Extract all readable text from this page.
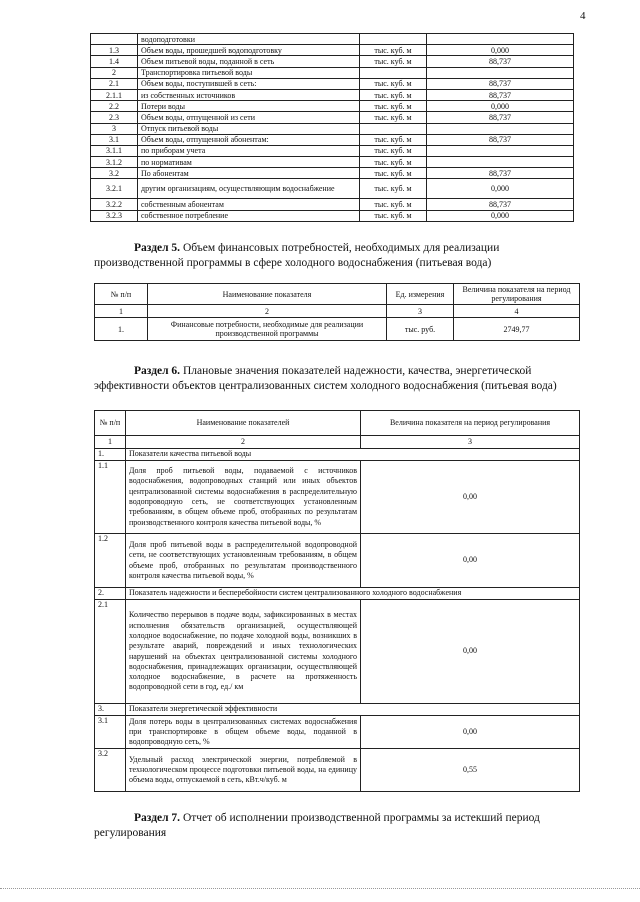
4
	водоподготовки		
1.3	Объем воды, прошедшей водоподготовку	тыс. куб. м	0,000
1.4	Объем питьевой воды, поданной в сеть	тыс. куб. м	88,737
2	Транспортировка питьевой воды		
2.1	Объем воды, поступившей в сеть:	тыс. куб. м	88,737
2.1.1	из собственных источников	тыс. куб. м	88,737
2.2	Потери воды	тыс. куб. м	0,000
2.3	Объем воды, отпущенной из сети	тыс. куб. м	88,737
3	Отпуск питьевой воды		
3.1	Объем воды, отпущенной абонентам:	тыс. куб. м	88,737
3.1.1	по приборам учета	тыс. куб. м	
3.1.2	по нормативам	тыс. куб. м	
3.2	По абонентам	тыс. куб. м	88,737
3.2.1	другим организациям, осуществляющим водоснабжение	тыс. куб. м	0,000
3.2.2	собственным абонентам	тыс. куб. м	88,737
3.2.3	собственное потребление	тыс. куб. м	0,000
Раздел 5. Объем финансовых потребностей, необходимых для реализации производственной программы в сфере холодного водоснабжения (питьевая вода)
№ п/п	Наименование показателя	Ед. измерения	Величина показателя на период регулирования
1	2	3	4
1.	Финансовые потребности, необходимые для реализации производственной программы	тыс. руб.	2749,77
Раздел 6. Плановые значения показателей надежности, качества, энергетической эффективности объектов централизованных систем холодного водоснабжения (питьевая вода)
№ п/п	Наименование показателей	Величина показателя на период регулирования
1	2	3
1.	Показатели качества питьевой воды	
1.1	Доля проб питьевой воды, подаваемой с источников водоснабжения, водопроводных станций или иных объектов централизованной системы водоснабжения в распределительную водопроводную сеть, не соответствующих установленным требованиям, в общем объеме проб, отобранных по результатам производственного контроля качества питьевой воды, %	0,00
1.2	Доля проб питьевой воды в распределительной водопроводной сети, не соответствующих установленным требованиям, в общем объеме проб, отобранных по результатам производственного контроля качества питьевой воды, %	0,00
2.	Показатель надежности и бесперебойности систем централизованного холодного водоснабжения	
2.1	Количество перерывов в подаче воды, зафиксированных в местах исполнения обязательств организацией, осуществляющей холодное водоснабжение, по подаче холодной воды, возникших в результате аварий, повреждений и иных технологических нарушений на объектах централизованной системы холодного водоснабжения, принадлежащих организации, осуществляющей холодное водоснабжение, в расчете на протяженность водопроводной сети в год, ед./ км	0,00
3.	Показатели энергетической эффективности	
3.1	Доля потерь воды в централизованных системах водоснабжения при транспортировке в общем объеме воды, поданной в водопроводную сеть, %	0,00
3.2	Удельный расход электрической энергии, потребляемой в технологическом процессе подготовки питьевой воды, на единицу объема воды, отпускаемой в сеть, кВт.ч/куб. м	0,55
Раздел 7. Отчет об исполнении производственной программы за истекший период регулирования
